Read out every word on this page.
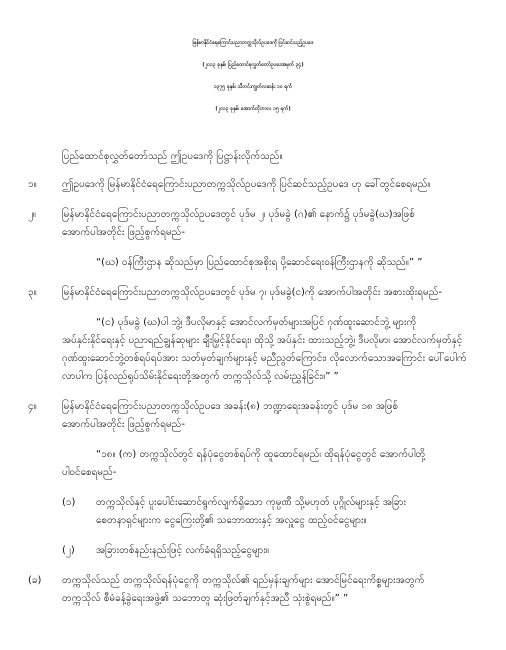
မြန်မာနိုင်ငံရေကြောင်းပညာတက္ကသိုလ်ဥပဒေကို ပြင်ဆင်သည့်ဥပဒေ
(၂၀၁၃ ခုနှစ်၊ ပြည်ထောင်စုလွှတ်တော်ဥပဒေအမှတ် ၃၄)
၁၃၇၅ ခုနှစ်၊ သီတင်းကျွတ်လဆန်း ၁၀ ရက်
(၂၀၁၃ ခုနှစ်၊ အောက်တိုဘာလ ၁၅ ရက်)
ပြည်ထောင်စုလွှတ်တော်သည် ဤဥပဒေကို ပြဋ္ဌာန်းလိုက်သည်။
၁။	ဤဥပဒေကို မြန်မာနိုင်ငံရေကြောင်းပညာတက္ကသိုလ်ဥပဒေကို ပြင်ဆင်သည့်ဥပဒေ ဟု ခေါ်တွင်စေရမည်။
၂။	မြန်မာနိုင်ငံရေကြောင်းပညာတက္ကသိုလ်ဥပဒေတွင် ပုဒ်မ ၂၊ ပုဒ်မခွဲ (ဂ)၏ နောက်၌ ပုဒ်မခွဲ(ဃ)အဖြစ်
အောက်ပါအတိုင်း ဖြည့်စွက်ရမည်-
“(ဃ) ဝန်ကြီးဌာန ဆိုသည်မှာ ပြည်ထောင်စုအစိုးရ ပို့ဆောင်ရေးဝန်ကြီးဌာနကို ဆိုသည်။” ”
၃။	မြန်မာနိုင်ငံရေကြောင်းပညာတက္ကသိုလ်ဥပဒေတွင် ပုဒ်မ ၇၊ ပုဒ်မခွဲ(င)ကို အောက်ပါအတိုင်း အစားထိုးရမည်-
“(င) ပုဒ်မခွဲ (ဃ)ပါ ဘွဲ့၊ ဒီပလိုမာနှင့် အောင်လက်မှတ်များအပြင် ဂုဏ်ထူးဆောင်ဘွဲ့ များကို
အပ်နှင်းနိုင်ရေးနှင့် ပညာရည်ချွန်ဆုများ ချီးမြှင့်နိုင်ရေး၊ ထိုသို့ အပ်နှင်း ထားသည့်ဘွဲ့၊ ဒီပလိုမာ၊ အောင်လက်မှတ်နှင့်
ဂုဏ်ထူးဆောင်ဘွဲ့တစ်ရပ်ရပ်အား သတ်မှတ်ချက်များနှင့် မညီညွတ်ကြောင်း၊ လိုလောက်သောအကြောင်း ပေါ်ပေါက်
လာပါက ပြန်လည်ရုပ်သိမ်းနိုင်ရေးတို့အတွက် တက္ကသိုလ်သို့ လမ်းညွှန်ခြင်း။” ”
၄။	မြန်မာနိုင်ငံရေကြောင်းပညာတက္ကသိုလ်ဥပဒေ အခန်း(၈) ဘဏ္ဍာရေးအခန်းတွင် ပုဒ်မ ၁၈ အဖြစ်
အောက်ပါအတိုင်း ဖြည့်စွက်ရမည်-
“၁၈။ (က) တက္ကသိုလ်တွင် ရန်ပုံငွေတစ်ရပ်ကို ထူထောင်ရမည်၊ ထိုရန်ပုံငွေတွင် အောက်ပါတို့
ပါဝင်စေရမည်-
(၁) တက္ကသိုလ်နှင့် ပူးပေါင်းဆောင်ရွက်လျက်ရှိသော ကုမ္ပဏီ သို့မဟုတ် ပုဂ္ဂိုလ်များနှင့် အခြား
စေတနာရှင်များက ငွေကြေးတို့၏ သဘောထားနှင့် အလှူငွေ ထည့်ဝင်ငွေများ။
(၂) အခြားတစ်နည်းနည်းဖြင့် လက်ခံရရှိသည့်ငွေများ။
(ခ) တက္ကသိုလ်သည် တက္ကသိုလ်ရန်ပုံငွေကို တက္ကသိုလ်၏ ရည်မှန်းချက်များ အောင်မြင်ရေးကိစ္စများအတွက်
တက္ကသိုလ် စီမံခန့်ခွဲရေးအဖွဲ့၏ သဘောတူ ဆုံးဖြတ်ချက်နှင့်အညီ သုံးစွဲရမည်။” ”
